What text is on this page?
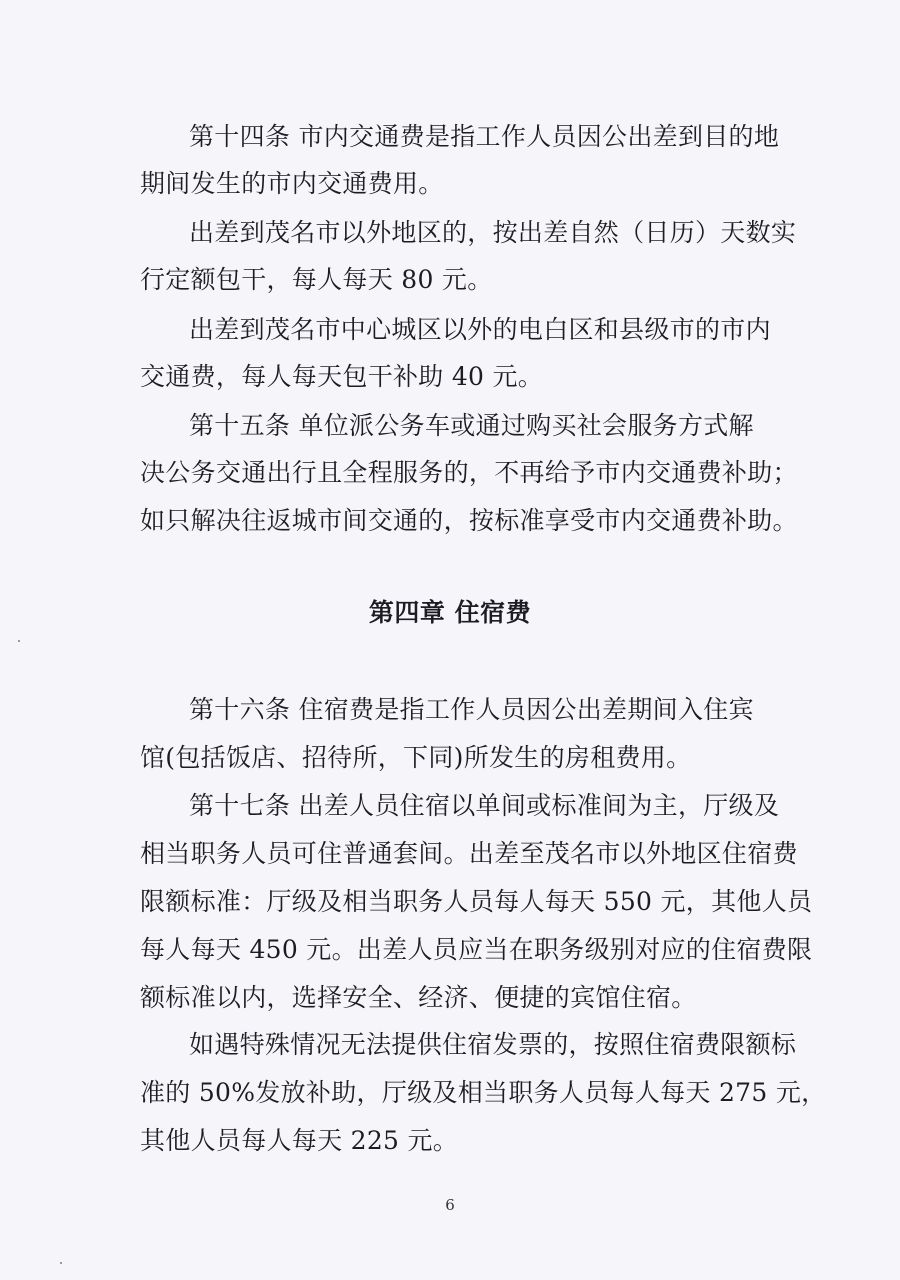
第十四条 市内交通费是指工作人员因公出差到目的地
期间发生的市内交通费用。
出差到茂名市以外地区的，按出差自然（日历）天数实
行定额包干，每人每天 80 元。
出差到茂名市中心城区以外的电白区和县级市的市内
交通费，每人每天包干补助 40 元。
第十五条 单位派公务车或通过购买社会服务方式解
决公务交通出行且全程服务的，不再给予市内交通费补助；
如只解决往返城市间交通的，按标准享受市内交通费补助。
第四章 住宿费
第十六条 住宿费是指工作人员因公出差期间入住宾
馆(包括饭店、招待所，下同)所发生的房租费用。
第十七条 出差人员住宿以单间或标准间为主，厅级及
相当职务人员可住普通套间。出差至茂名市以外地区住宿费
限额标准：厅级及相当职务人员每人每天 550 元，其他人员
每人每天 450 元。出差人员应当在职务级别对应的住宿费限
额标准以内，选择安全、经济、便捷的宾馆住宿。
如遇特殊情况无法提供住宿发票的，按照住宿费限额标
准的 50%发放补助，厅级及相当职务人员每人每天 275 元，
其他人员每人每天 225 元。
6
